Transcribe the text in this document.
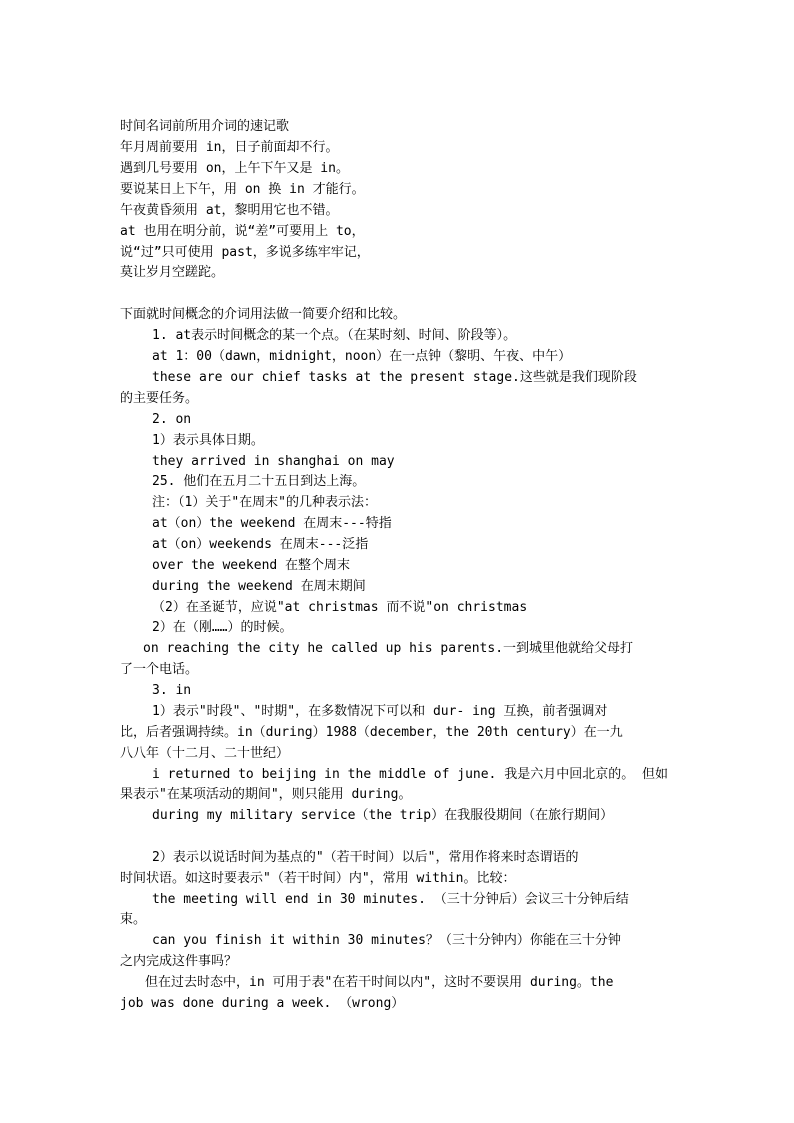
时间名词前所用介词的速记歌
年月周前要用 in，日子前面却不行。
遇到几号要用 on，上午下午又是 in。
要说某日上下午，用 on 换 in 才能行。
午夜黄昏须用 at，黎明用它也不错。
at 也用在明分前，说“差”可要用上 to，
说“过”只可使用 past，多说多练牢牢记，
莫让岁月空蹉跎。
下面就时间概念的介词用法做一简要介绍和比较。
1. at表示时间概念的某一个点。（在某时刻、时间、阶段等）。
at 1：00（dawn，midnight，noon）在一点钟（黎明、午夜、中午）
these are our chief tasks at the present stage.这些就是我们现阶段
的主要任务。
2. on
1）表示具体日期。
they arrived in shanghai on may
25. 他们在五月二十五日到达上海。
注：（1）关于"在周末"的几种表示法：
at（on）the weekend 在周末---特指
at（on）weekends 在周末---泛指
over the weekend 在整个周末
during the weekend 在周末期间
（2）在圣诞节，应说"at christmas 而不说"on christmas
2）在（刚……）的时候。
on reaching the city he called up his parents.一到城里他就给父母打
了一个电话。
3. in
1）表示"时段"、"时期"，在多数情况下可以和 dur- ing 互换，前者强调对
比，后者强调持续。in（during）1988（december，the 20th century）在一九
八八年（十二月、二十世纪）
i returned to beijing in the middle of june. 我是六月中回北京的。 但如
果表示"在某项活动的期间"，则只能用 during。
during my military service（the trip）在我服役期间（在旅行期间）
2）表示以说话时间为基点的"（若干时间）以后"，常用作将来时态谓语的
时间状语。如这时要表示"（若干时间）内"，常用 within。比较：
the meeting will end in 30 minutes. （三十分钟后）会议三十分钟后结
束。
can you finish it within 30 minutes？（三十分钟内）你能在三十分钟
之内完成这件事吗？
但在过去时态中，in 可用于表"在若干时间以内"，这时不要误用 during。the
job was done during a week. （wrong）
